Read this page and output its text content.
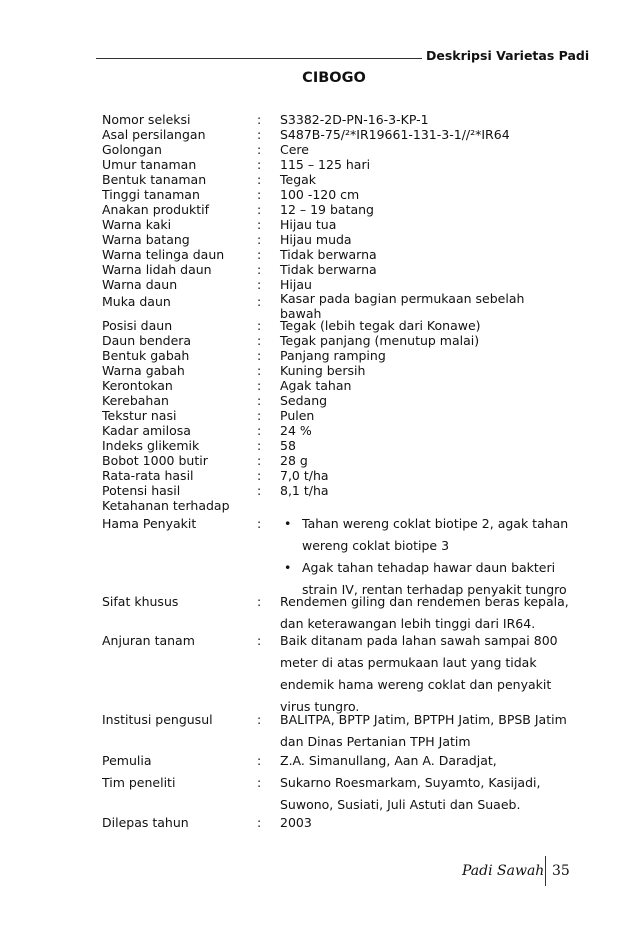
Deskripsi Varietas Padi
CIBOGO
Nomor seleksi	: S3382-2D-PN-16-3-KP-1
Asal persilangan	: S487B-75/²*IR19661-131-3-1//²*IR64
Golongan	: Cere
Umur tanaman	: 115 – 125 hari
Bentuk tanaman	: Tegak
Tinggi tanaman	: 100 -120 cm
Anakan produktif	: 12 – 19 batang
Warna kaki	: Hijau tua
Warna batang	: Hijau muda
Warna telinga daun	: Tidak berwarna
Warna lidah daun	: Tidak berwarna
Warna daun	: Hijau
Muka daun	: Kasar pada bagian permukaan sebelah bawah
Posisi daun	: Tegak (lebih tegak dari Konawe)
Daun bendera	: Tegak panjang (menutup malai)
Bentuk gabah	: Panjang ramping
Warna gabah	: Kuning bersih
Kerontokan	: Agak tahan
Kerebahan	: Sedang
Tekstur nasi	: Pulen
Kadar amilosa	: 24 %
Indeks glikemik	: 58
Bobot 1000 butir	: 28 g
Rata-rata hasil	: 7,0 t/ha
Potensi hasil	: 8,1 t/ha
Ketahanan terhadap
Hama Penyakit	: • Tahan wereng coklat biotipe 2, agak tahan wereng coklat biotipe 3
• Agak tahan tehadap hawar daun bakteri strain IV, rentan terhadap penyakit tungro
Sifat khusus	: Rendemen giling dan rendemen beras kepala, dan keterawangan lebih tinggi dari IR64.
Anjuran tanam	: Baik ditanam pada lahan sawah sampai 800 meter di atas permukaan laut yang tidak endemik hama wereng coklat dan penyakit virus tungro.
Institusi pengusul	: BALITPA, BPTP Jatim, BPTPH Jatim, BPSB Jatim dan Dinas Pertanian TPH Jatim
Pemulia	: Z.A. Simanullang, Aan A. Daradjat,
Tim peneliti	: Sukarno Roesmarkam, Suyamto, Kasijadi, Suwono, Susiati, Juli Astuti dan Suaeb.
Dilepas tahun	: 2003
Padi Sawah 35
